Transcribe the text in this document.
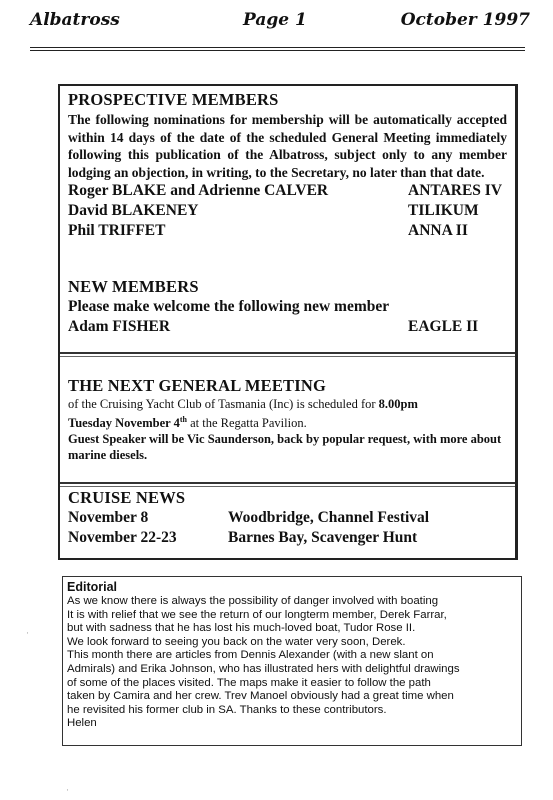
Albatross	Page 1	October 1997
PROSPECTIVE MEMBERS
The following nominations for membership will be automatically accepted within 14 days of the date of the scheduled General Meeting immediately following this publication of the Albatross, subject only to any member lodging an objection, in writing, to the Secretary, no later than that date.
Roger BLAKE and Adrienne CALVER	ANTARES IV
David BLAKENEY	TILIKUM
Phil TRIFFET	ANNA II
NEW MEMBERS
Please make welcome the following new member
Adam FISHER	EAGLE II
THE NEXT GENERAL MEETING
of the Cruising Yacht Club of Tasmania (Inc) is scheduled for 8.00pm
Tuesday November 4th at the Regatta Pavilion.
Guest Speaker will be Vic Saunderson, back by popular request, with more about marine diesels.
CRUISE NEWS
November 8	Woodbridge, Channel Festival
November 22-23	Barnes Bay, Scavenger Hunt
Editorial
As we know there is always the possibility of danger involved with boating
It is with relief that we see the return of our longterm member, Derek Farrar,
but with sadness that he has lost his much-loved boat, Tudor Rose II.
We look forward to seeing you back on the water very soon, Derek.
This month there are articles from Dennis Alexander (with a new slant on
Admirals) and Erika Johnson, who has illustrated hers with delightful drawings
of some of the places visited. The maps make it easier to follow the path
taken by Camira and her crew. Trev Manoel obviously had a great time when
he revisited his former club in SA. Thanks to these contributors.
Helen
·
·
